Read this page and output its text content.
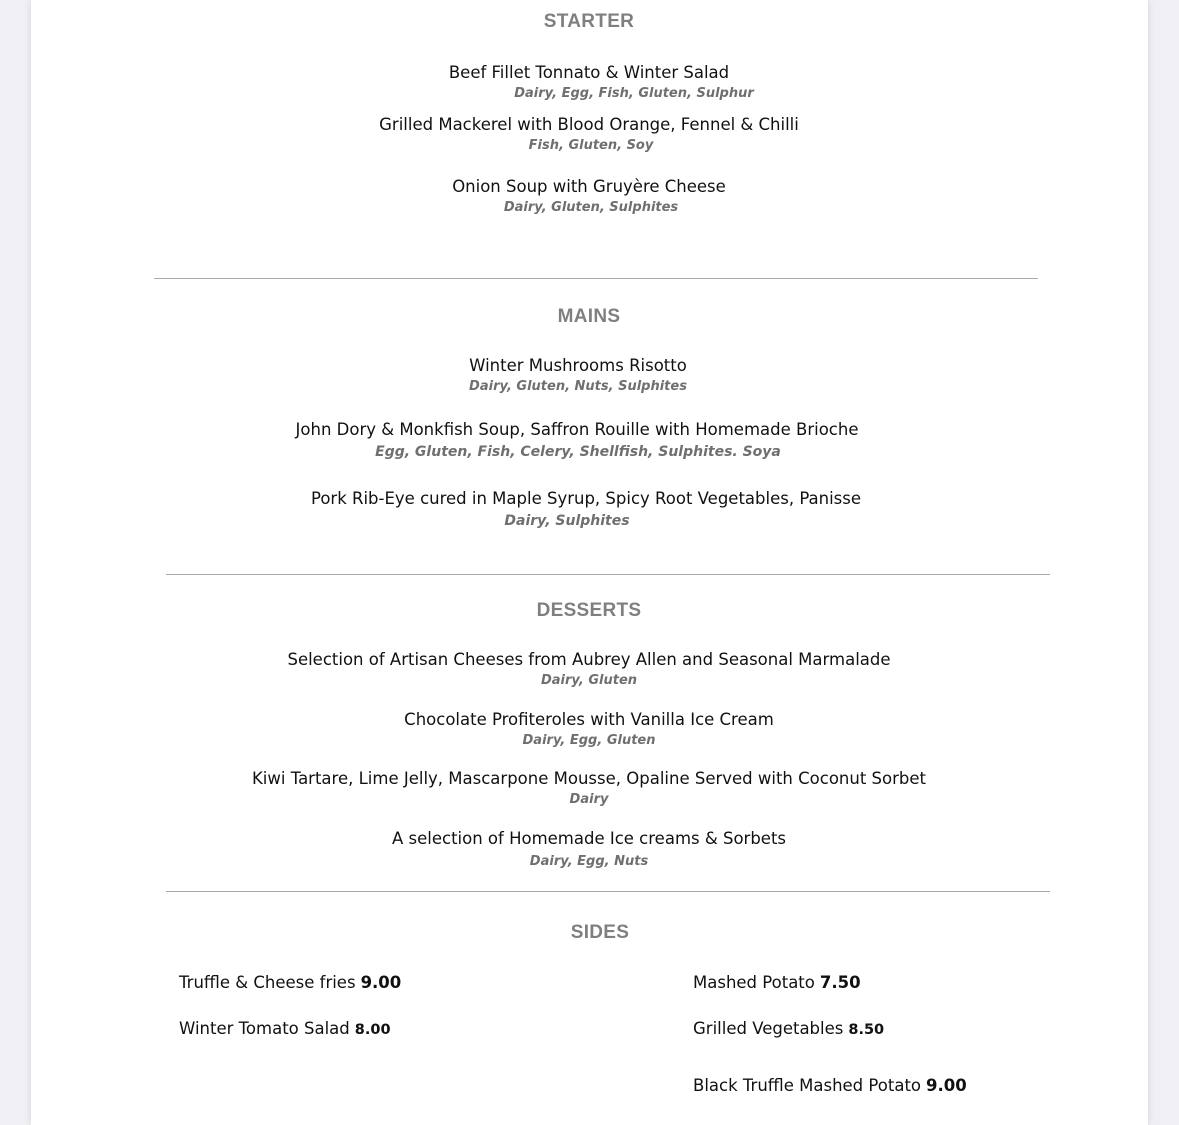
STARTER
Beef Fillet Tonnato & Winter Salad
Dairy, Egg, Fish, Gluten, Sulphur
Grilled Mackerel with Blood Orange, Fennel & Chilli
Fish, Gluten, Soy
Onion Soup with Gruyère Cheese
Dairy, Gluten, Sulphites
MAINS
Winter Mushrooms Risotto
Dairy, Gluten, Nuts, Sulphites
John Dory & Monkfish Soup, Saffron Rouille with Homemade Brioche
Egg, Gluten, Fish, Celery, Shellfish, Sulphites. Soya
Pork Rib-Eye cured in Maple Syrup, Spicy Root Vegetables, Panisse
Dairy, Sulphites
DESSERTS
Selection of Artisan Cheeses from Aubrey Allen and Seasonal Marmalade
Dairy, Gluten
Chocolate Profiteroles with Vanilla Ice Cream
Dairy, Egg, Gluten
Kiwi Tartare, Lime Jelly, Mascarpone Mousse, Opaline Served with Coconut Sorbet
Dairy
A selection of Homemade Ice creams & Sorbets
Dairy, Egg, Nuts
SIDES
Truffle & Cheese fries 9.00	Mashed Potato 7.50
Winter Tomato Salad 8.00	Grilled Vegetables 8.50
Black Truffle Mashed Potato 9.00
